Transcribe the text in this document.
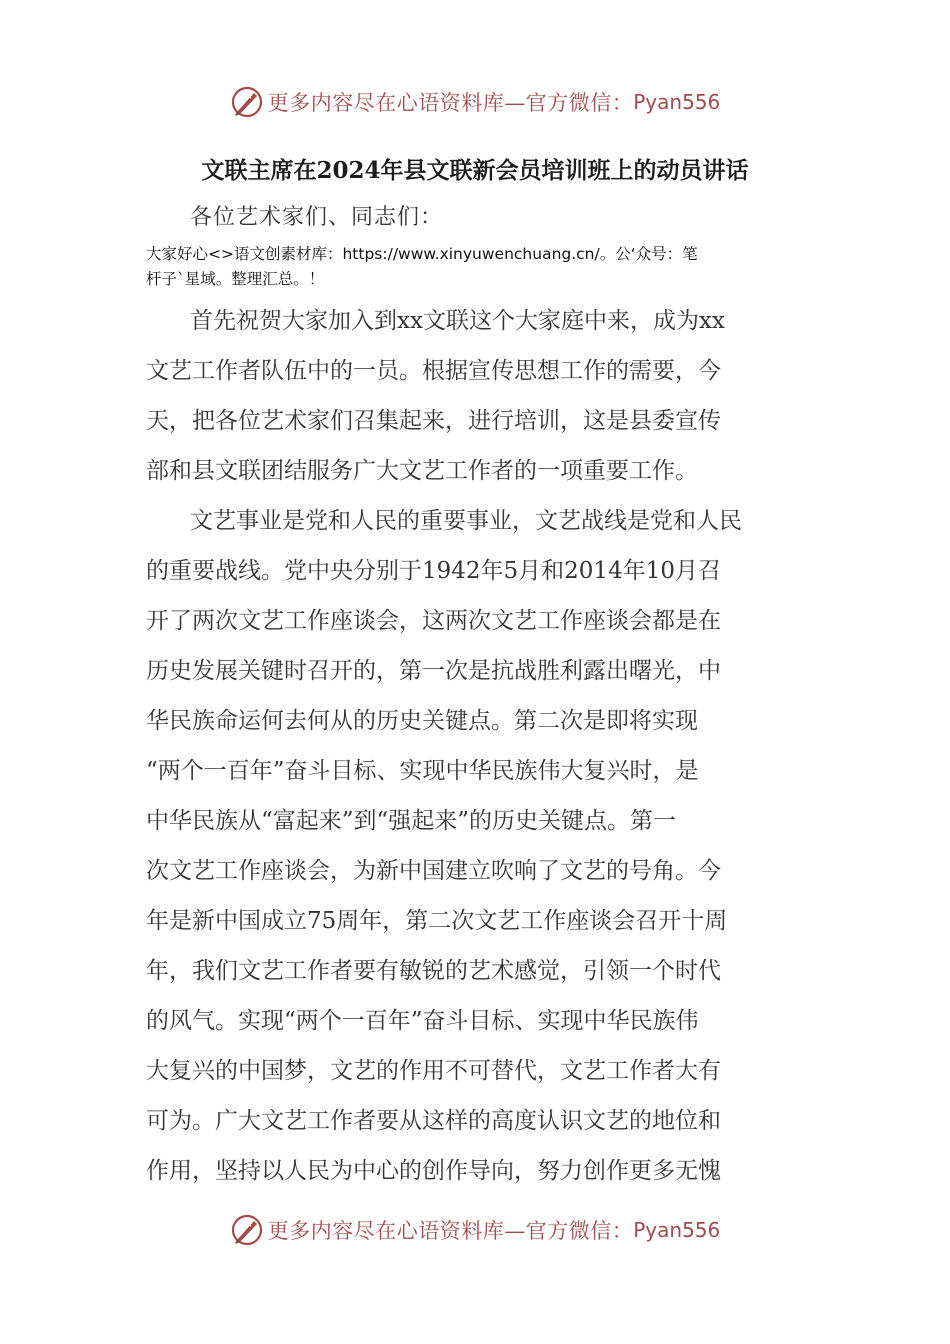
更多内容尽在心语资料库—官方微信： Pyan556
文联主席在2024年县文联新会员培训班上的动员讲话
各位艺术家们、同志们：
大家好心<>语文创素材库：https://www.xinyuwenchuang.cn/。公‘众号：笔
杆子`星域。整理汇总。！
首先祝贺大家加入到xx文联这个大家庭中来，成为xx
文艺工作者队伍中的一员。根据宣传思想工作的需要，今
天，把各位艺术家们召集起来，进行培训，这是县委宣传
部和县文联团结服务广大文艺工作者的一项重要工作。
文艺事业是党和人民的重要事业，文艺战线是党和人民
的重要战线。党中央分别于1942年5月和2014年10月召
开了两次文艺工作座谈会，这两次文艺工作座谈会都是在
历史发展关键时召开的，第一次是抗战胜利露出曙光，中
华民族命运何去何从的历史关键点。第二次是即将实现
“两个一百年”奋斗目标、实现中华民族伟大复兴时，是
中华民族从“富起来”到“强起来”的历史关键点。第一
次文艺工作座谈会，为新中国建立吹响了文艺的号角。今
年是新中国成立75周年，第二次文艺工作座谈会召开十周
年，我们文艺工作者要有敏锐的艺术感觉，引领一个时代
的风气。实现“两个一百年”奋斗目标、实现中华民族伟
大复兴的中国梦，文艺的作用不可替代，文艺工作者大有
可为。广大文艺工作者要从这样的高度认识文艺的地位和
作用，坚持以人民为中心的创作导向，努力创作更多无愧
更多内容尽在心语资料库—官方微信： Pyan556
